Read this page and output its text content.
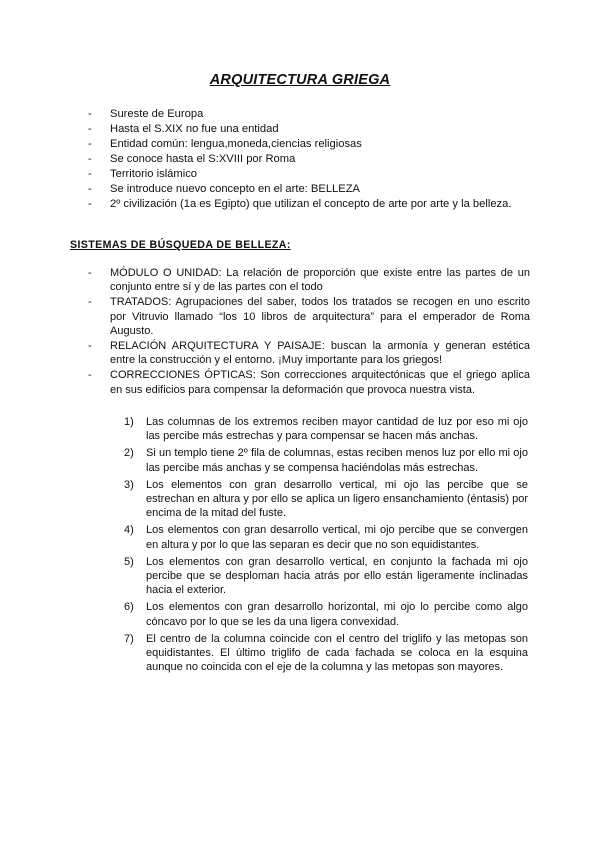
ARQUITECTURA GRIEGA
- Sureste de Europa
- Hasta el S.XIX no fue una entidad
- Entidad común: lengua,moneda,ciencias religiosas
- Se conoce hasta el S:XVIII por Roma
- Territorio islámico
- Se introduce nuevo concepto en el arte: BELLEZA
- 2º civilización (1a es Egipto) que utilizan el concepto de arte por arte y la belleza.
SISTEMAS DE BÚSQUEDA DE BELLEZA:
- MÓDULO O UNIDAD: La relación de proporción que existe entre las partes de un conjunto entre sí y de las partes con el todo
- TRATADOS: Agrupaciones del saber, todos los tratados se recogen en uno escrito por Vitruvio llamado “los 10 libros de arquitectura” para el emperador de Roma Augusto.
- RELACIÓN ARQUITECTURA Y PAISAJE: buscan la armonía y generan estética entre la construcción y el entorno. ¡Muy importante para los griegos!
- CORRECCIONES ÓPTICAS: Son correcciones arquitectónicas que el griego aplica en sus edificios para compensar la deformación que provoca nuestra vista.
1) Las columnas de los extremos reciben mayor cantidad de luz por eso mi ojo las percibe más estrechas y para compensar se hacen más anchas.
2) Si un templo tiene 2º fila de columnas, estas reciben menos luz por ello mi ojo las percibe más anchas y se compensa haciéndolas más estrechas.
3) Los elementos con gran desarrollo vertical, mi ojo las percibe que se estrechan en altura y por ello se aplica un ligero ensanchamiento (éntasis) por encima de la mitad del fuste.
4) Los elementos con gran desarrollo vertical, mi ojo percibe que se convergen en altura y por lo que las separan es decir que no son equidistantes.
5) Los elementos con gran desarrollo vertical, en conjunto la fachada mi ojo percibe que se desploman hacia atrás por ello están ligeramente inclinadas hacia el exterior.
6) Los elementos con gran desarrollo horizontal, mi ojo lo percibe como algo cóncavo por lo que se les da una ligera convexidad.
7) El centro de la columna coincide con el centro del triglifo y las metopas son equidistantes. El último triglifo de cada fachada se coloca en la esquina aunque no coincida con el eje de la columna y las metopas son mayores.
